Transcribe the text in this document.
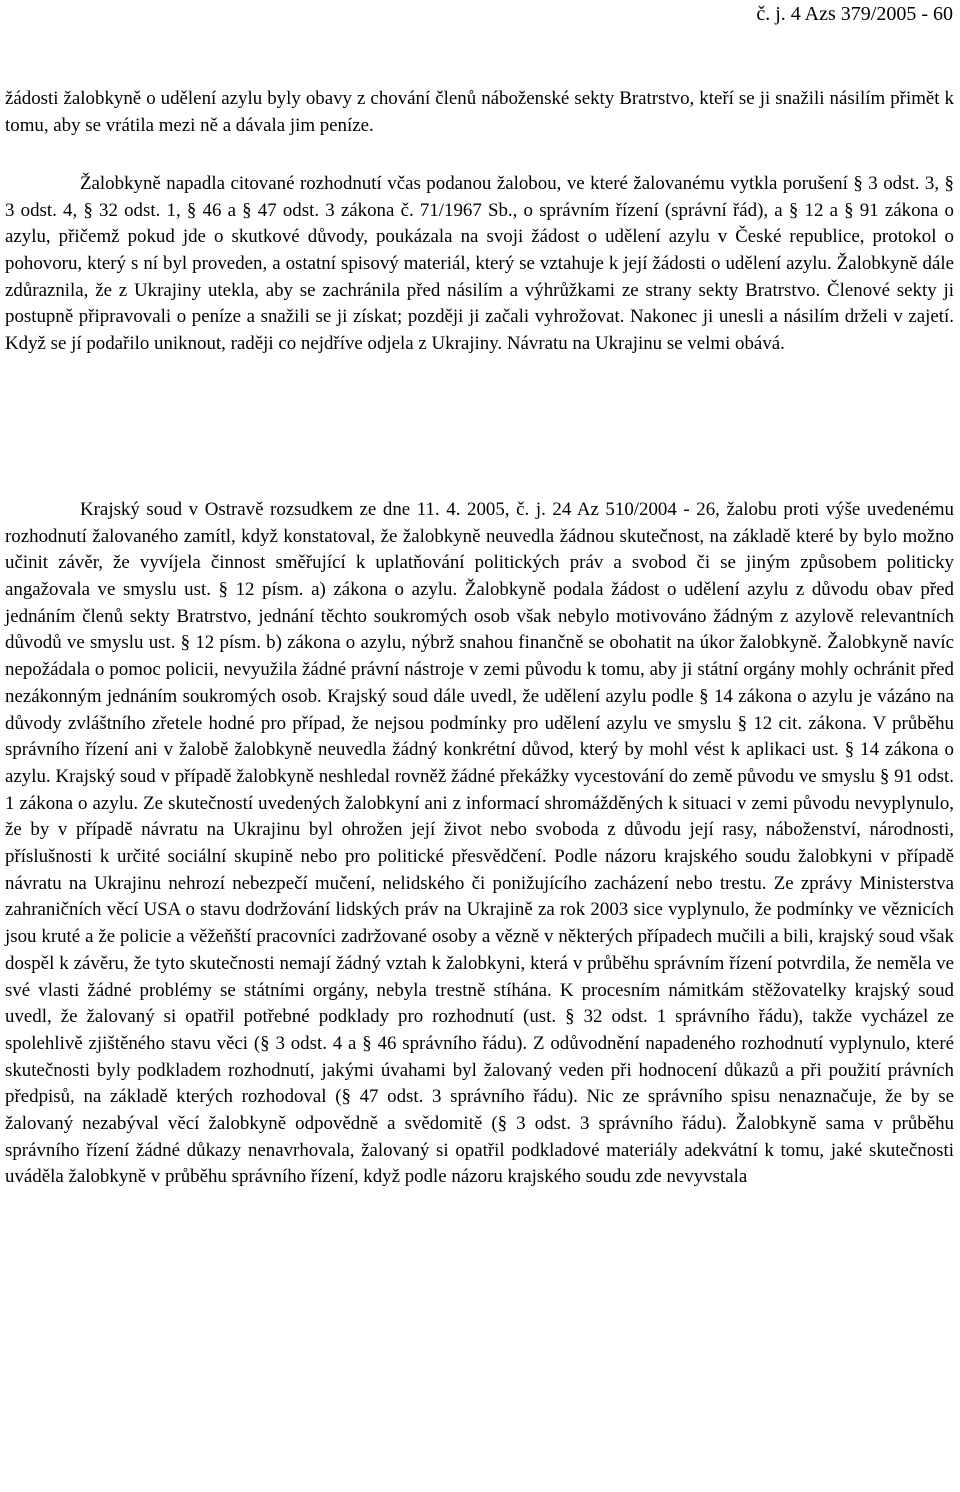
č. j. 4 Azs 379/2005 - 60

žádosti žalobkyně o udělení azylu byly obavy z chování členů náboženské sekty Bratrstvo, kteří se ji snažili násilím přimět k tomu, aby se vrátila mezi ně a dávala jim peníze.

Žalobkyně napadla citované rozhodnutí včas podanou žalobou, ve které žalovanému vytkla porušení § 3 odst. 3, § 3 odst. 4, § 32 odst. 1, § 46 a § 47 odst. 3 zákona č. 71/1967 Sb., o správním řízení (správní řád), a § 12 a § 91 zákona o azylu, přičemž pokud jde o skutkové důvody, poukázala na svoji žádost o udělení azylu v České republice, protokol o pohovoru, který s ní byl proveden, a ostatní spisový materiál, který se vztahuje k její žádosti o udělení azylu. Žalobkyně dále zdůraznila, že z Ukrajiny utekla, aby se zachránila před násilím a výhrůžkami ze strany sekty Bratrstvo. Členové sekty ji postupně připravovali o peníze a snažili se ji získat; později ji začali vyhrožovat. Nakonec ji unesli a násilím drželi v zajetí. Když se jí podařilo uniknout, raději co nejdříve odjela z Ukrajiny. Návratu na Ukrajinu se velmi obává.

Krajský soud v Ostravě rozsudkem ze dne 11. 4. 2005, č. j. 24 Az 510/2004 - 26, žalobu proti výše uvedenému rozhodnutí žalovaného zamítl, když konstatoval, že žalobkyně neuvedla žádnou skutečnost, na základě které by bylo možno učinit závěr, že vyvíjela činnost směřující k uplatňování politických práv a svobod či se jiným způsobem politicky angažovala ve smyslu ust. § 12 písm. a) zákona o azylu. Žalobkyně podala žádost o udělení azylu z důvodu obav před jednáním členů sekty Bratrstvo, jednání těchto soukromých osob však nebylo motivováno žádným z azylově relevantních důvodů ve smyslu ust. § 12 písm. b) zákona o azylu, nýbrž snahou finančně se obohatit na úkor žalobkyně. Žalobkyně navíc nepožádala o pomoc policii, nevyužila žádné právní nástroje v zemi původu k tomu, aby ji státní orgány mohly ochránit před nezákonným jednáním soukromých osob. Krajský soud dále uvedl, že udělení azylu podle § 14 zákona o azylu je vázáno na důvody zvláštního zřetele hodné pro případ, že nejsou podmínky pro udělení azylu ve smyslu § 12 cit. zákona. V průběhu správního řízení ani v žalobě žalobkyně neuvedla žádný konkrétní důvod, který by mohl vést k aplikaci ust. § 14 zákona o azylu. Krajský soud v případě žalobkyně neshledal rovněž žádné překážky vycestování do země původu ve smyslu § 91 odst. 1 zákona o azylu. Ze skutečností uvedených žalobkyní ani z informací shromážděných k situaci v zemi původu nevyplynulo, že by v případě návratu na Ukrajinu byl ohrožen její život nebo svoboda z důvodu její rasy, náboženství, národnosti, příslušnosti k určité sociální skupině nebo pro politické přesvědčení. Podle názoru krajského soudu žalobkyni v případě návratu na Ukrajinu nehrozí nebezpečí mučení, nelidského či ponižujícího zacházení nebo trestu. Ze zprávy Ministerstva zahraničních věcí USA o stavu dodržování lidských práv na Ukrajině za rok 2003 sice vyplynulo, že podmínky ve věznicích jsou kruté a že policie a věžeňští pracovníci zadržované osoby a vězně v některých případech mučili a bili, krajský soud však dospěl k závěru, že tyto skutečnosti nemají žádný vztah k žalobkyni, která v průběhu správním řízení potvrdila, že neměla ve své vlasti žádné problémy se státními orgány, nebyla trestně stíhána. K procesním námitkám stěžovatelky krajský soud uvedl, že žalovaný si opatřil potřebné podklady pro rozhodnutí (ust. § 32 odst. 1 správního řádu), takže vycházel ze spolehlivě zjištěného stavu věci (§ 3 odst. 4 a § 46 správního řádu). Z odůvodnění napadeného rozhodnutí vyplynulo, které skutečnosti byly podkladem rozhodnutí, jakými úvahami byl žalovaný veden při hodnocení důkazů a při použití právních předpisů, na základě kterých rozhodoval (§ 47 odst. 3 správního řádu). Nic ze správního spisu nenaznačuje, že by se žalovaný nezabýval věcí žalobkyně odpovědně a svědomitě (§ 3 odst. 3 správního řádu). Žalobkyně sama v průběhu správního řízení žádné důkazy nenavrhovala, žalovaný si opatřil podkladové materiály adekvátní k tomu, jaké skutečnosti uváděla žalobkyně v průběhu správního řízení, když podle názoru krajského soudu zde nevyvstala
